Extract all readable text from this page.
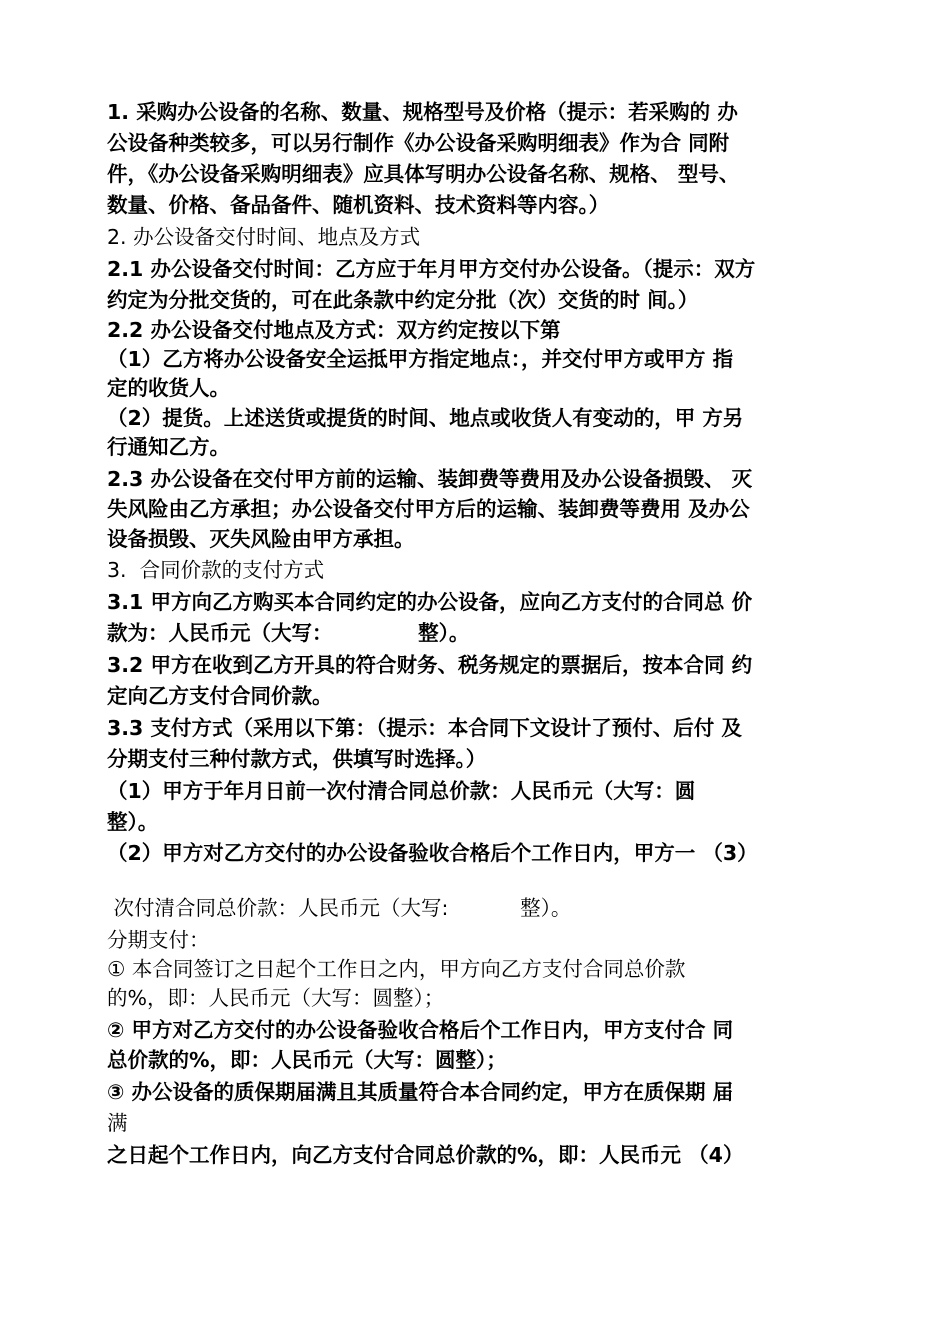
1. 采购办公设备的名称、数量、规格型号及价格（提示：若采购的 办

公设备种类较多，可以另行制作《办公设备采购明细表》作为合 同附

件，《办公设备采购明细表》应具体写明办公设备名称、规格、 型号、

数量、价格、备品备件、随机资料、技术资料等内容。）

2. 办公设备交付时间、地点及方式

2.1 办公设备交付时间：乙方应于年月甲方交付办公设备。（提示：双方

约定为分批交货的，可在此条款中约定分批（次）交货的时 间。）

2.2 办公设备交付地点及方式：双方约定按以下第

（1）乙方将办公设备安全运抵甲方指定地点：，并交付甲方或甲方 指

定的收货人。

（2）提货。上述送货或提货的时间、地点或收货人有变动的，甲 方另

行通知乙方。

2.3 办公设备在交付甲方前的运输、装卸费等费用及办公设备损毁、 灭

失风险由乙方承担；办公设备交付甲方后的运输、装卸费等费用 及办公

设备损毁、灭失风险由甲方承担。

3.  合同价款的支付方式

3.1 甲方向乙方购买本合同约定的办公设备，应向乙方支付的合同总 价

款为：人民币元（大写：            整）。

3.2 甲方在收到乙方开具的符合财务、税务规定的票据后，按本合同 约

定向乙方支付合同价款。

3.3 支付方式（采用以下第：（提示：本合同下文设计了预付、后付 及

分期支付三种付款方式，供填写时选择。）

（1）甲方于年月日前一次付清合同总价款：人民币元（大写：圆

整）。

（2）甲方对乙方交付的办公设备验收合格后个工作日内，甲方一 （3）

次付清合同总价款：人民币元（大写:           整）。

分期支付：

① 本合同签订之日起个工作日之内，甲方向乙方支付合同总价款

的%，即：人民币元（大写：圆整）；

② 甲方对乙方交付的办公设备验收合格后个工作日内，甲方支付合 同

总价款的%，即：人民币元（大写：圆整）；

③ 办公设备的质保期届满且其质量符合本合同约定，甲方在质保期 届

满

之日起个工作日内，向乙方支付合同总价款的%，即：人民币元 （4）
